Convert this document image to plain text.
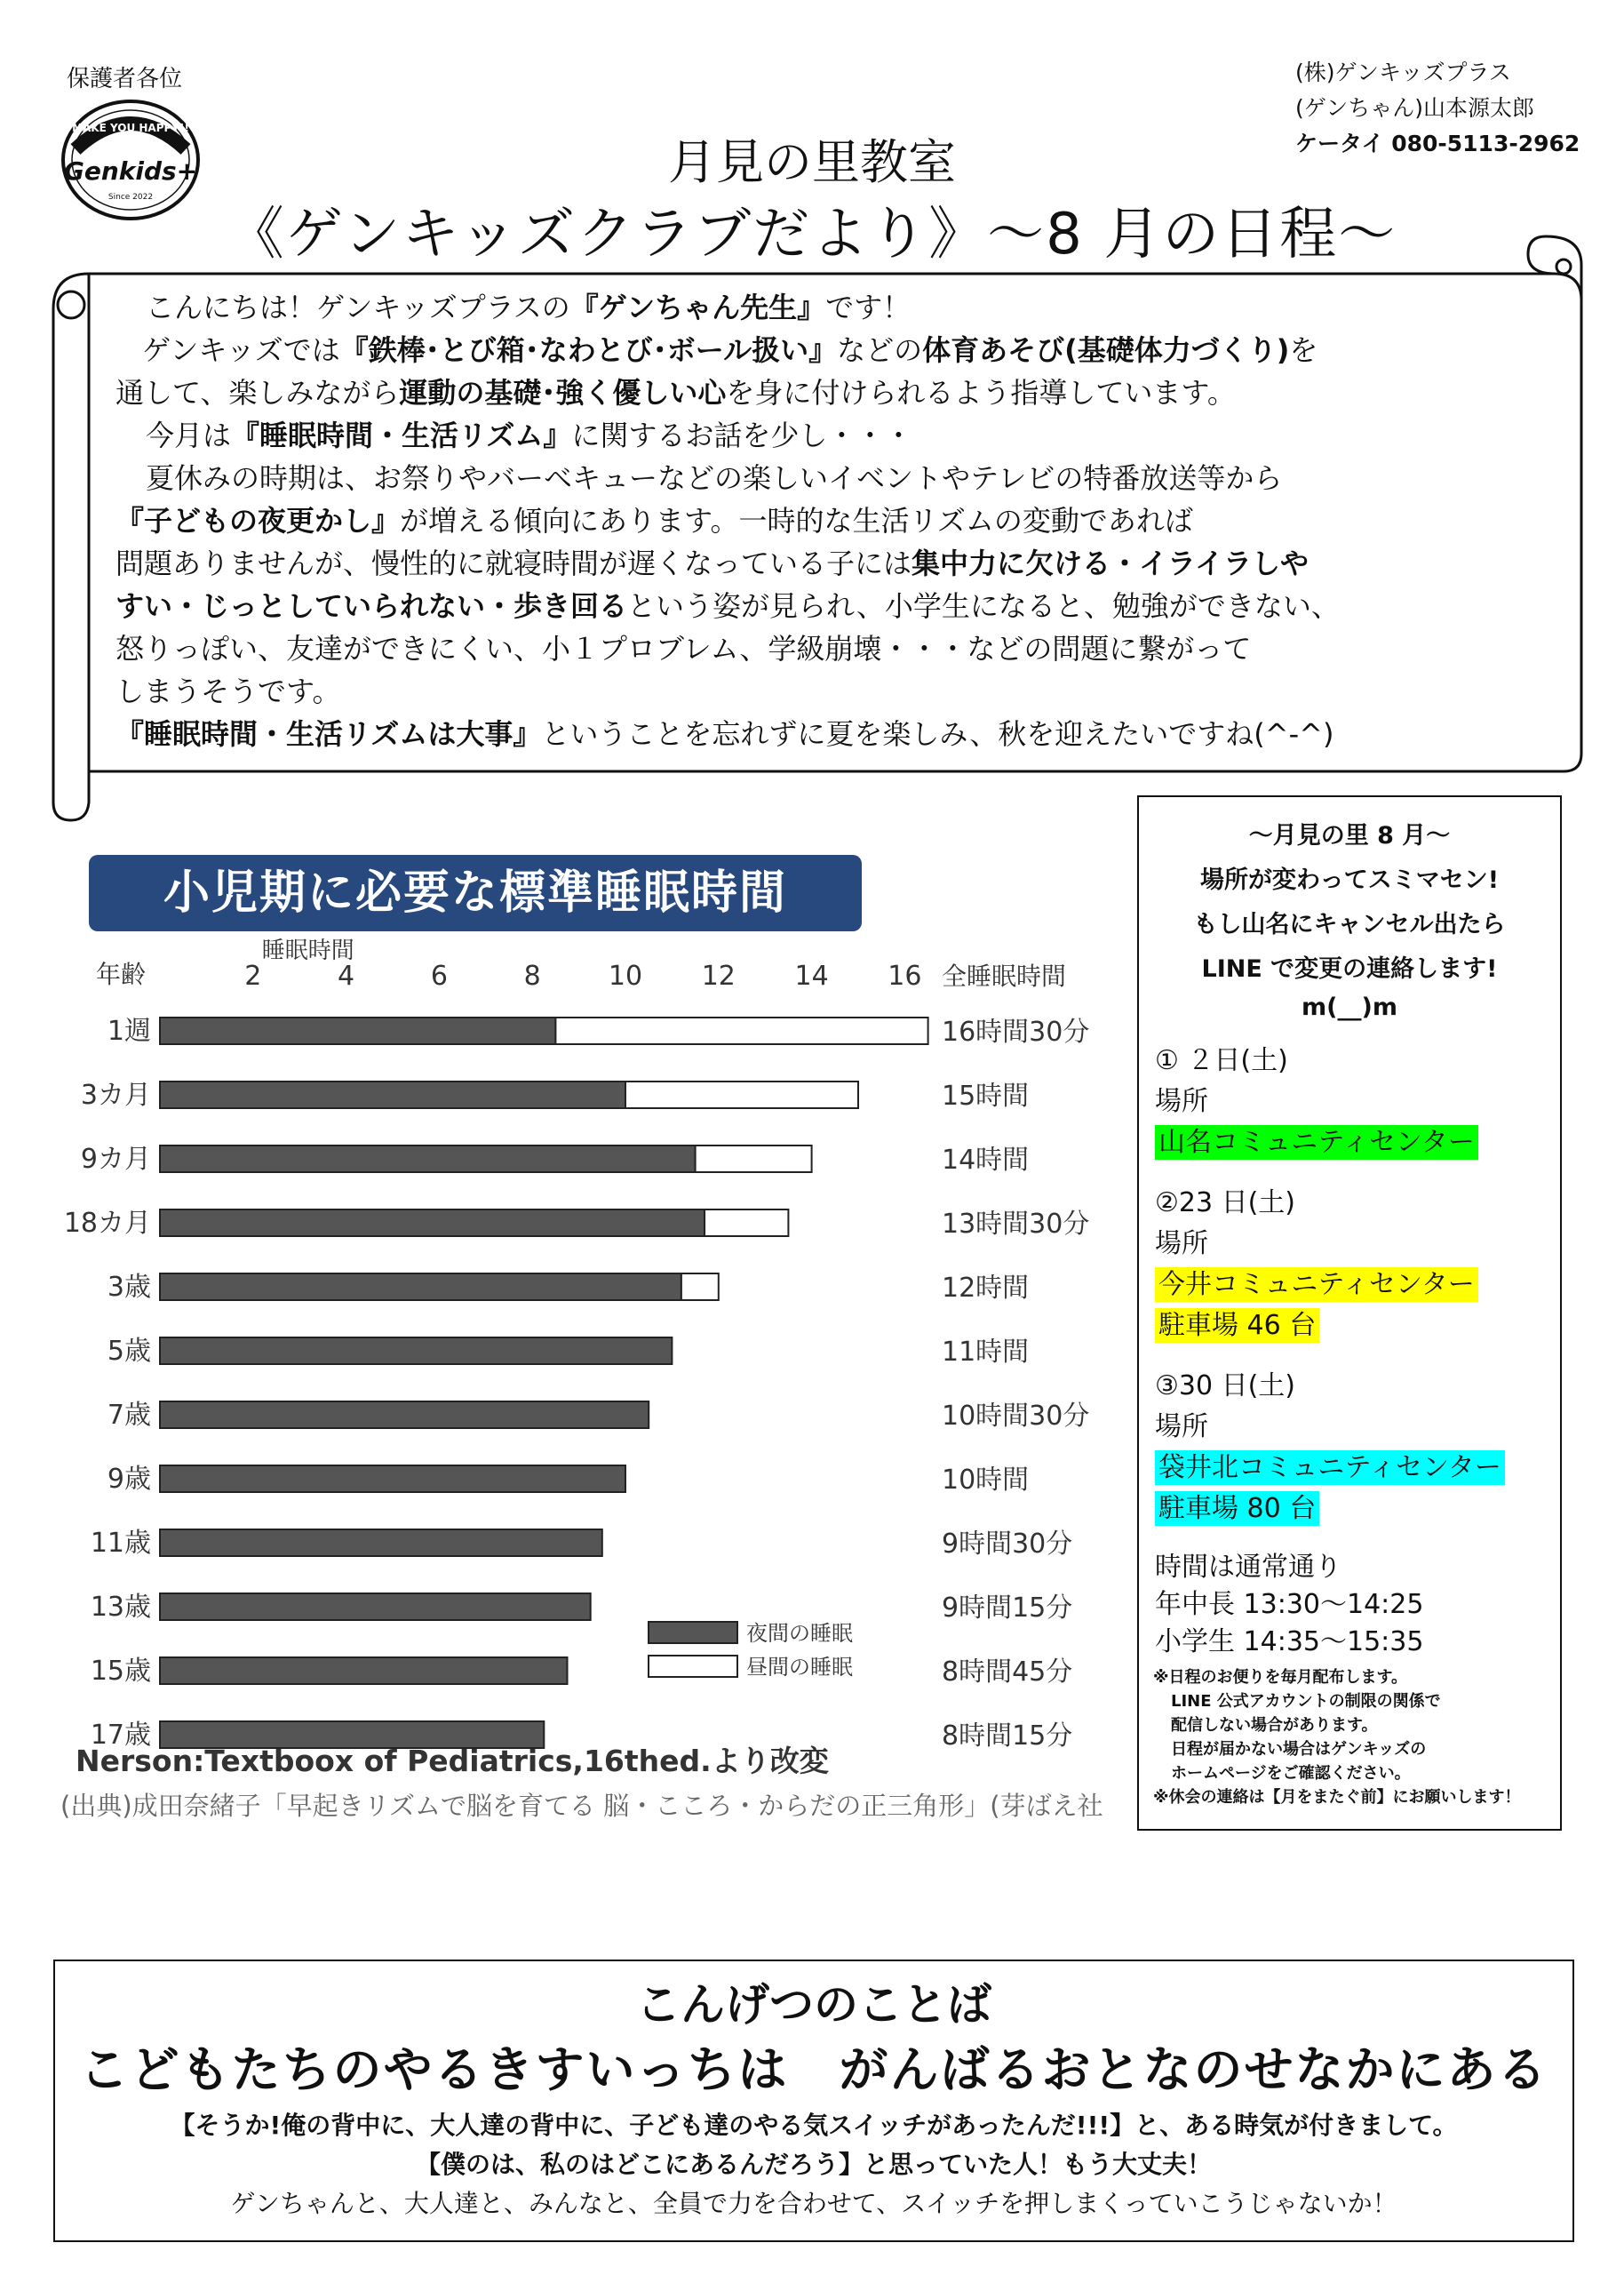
保護者各位
MAKE YOU HAPPY!!
Genkids+
Since 2022
(株)ゲンキッズプラス
(ゲンちゃん)山本源太郎
ケータイ 080-5113-2962
月見の里教室
《ゲンキッズクラブだより》～8 月の日程～

こんにちは！ゲンキッズプラスの『ゲンちゃん先生』です！

ゲンキッズでは『鉄棒･とび箱･なわとび･ボール扱い』などの体育あそび(基礎体力づくり)を

通して、楽しみながら運動の基礎･強く優しい心を身に付けられるよう指導しています。

今月は『睡眠時間・生活リズム』に関するお話を少し・・・

夏休みの時期は、お祭りやバーベキューなどの楽しいイベントやテレビの特番放送等から

『子どもの夜更かし』が増える傾向にあります。一時的な生活リズムの変動であれば

問題ありませんが、慢性的に就寝時間が遅くなっている子には集中力に欠ける・イライラしや

すい・じっとしていられない・歩き回るという姿が見られ、小学生になると、勉強ができない、

怒りっぽい、友達ができにくい、小１プロブレム、学級崩壊・・・などの問題に繋がって

しまうそうです。

『睡眠時間・生活リズムは大事』ということを忘れずに夏を楽しみ、秋を迎えたいですね(^-^)

小児期に必要な標準睡眠時間
年齢
睡眠時間
全睡眠時間
2	4	6	8	10 12 14 16
1週	16時間30分
3カ月	15時間
9カ月	14時間
18カ月	13時間30分
3歳	12時間
5歳	11時間
7歳	10時間30分
9歳	10時間
11歳	9時間30分
13歳	9時間15分
15歳	8時間45分
17歳	8時間15分
夜間の睡眠
昼間の睡眠
Nerson:Textboox of Pediatrics,16thed.より改変
(出典)成田奈緒子「早起きリズムで脳を育てる 脳・こころ・からだの正三角形」(芽ばえ社
～月見の里 8 月～
場所が変わってスミマセン!
もし山名にキャンセル出たら
LINE で変更の連絡します!
m(__)m
① ２日(土)
場所
山名コミュニティセンター
②23 日(土)
場所
今井コミュニティセンター
駐車場 46 台
③30 日(土)
場所
袋井北コミュニティセンター
駐車場 80 台
時間は通常通り
年中長 13:30～14:25
小学生 14:35～15:35
※日程のお便りを毎月配布します。
LINE 公式アカウントの制限の関係で
配信しない場合があります。
日程が届かない場合はゲンキッズの
ホームページをご確認ください。
※休会の連絡は【月をまたぐ前】にお願いします！
こんげつのことば
こどもたちのやるきすいっちは　がんばるおとなのせなかにある
【そうか!俺の背中に、大人達の背中に、子ども達のやる気スイッチがあったんだ!!!】と、ある時気が付きまして。
【僕のは、私のはどこにあるんだろう】と思っていた人！もう大丈夫！
ゲンちゃんと、大人達と、みんなと、全員で力を合わせて、スイッチを押しまくっていこうじゃないか！
